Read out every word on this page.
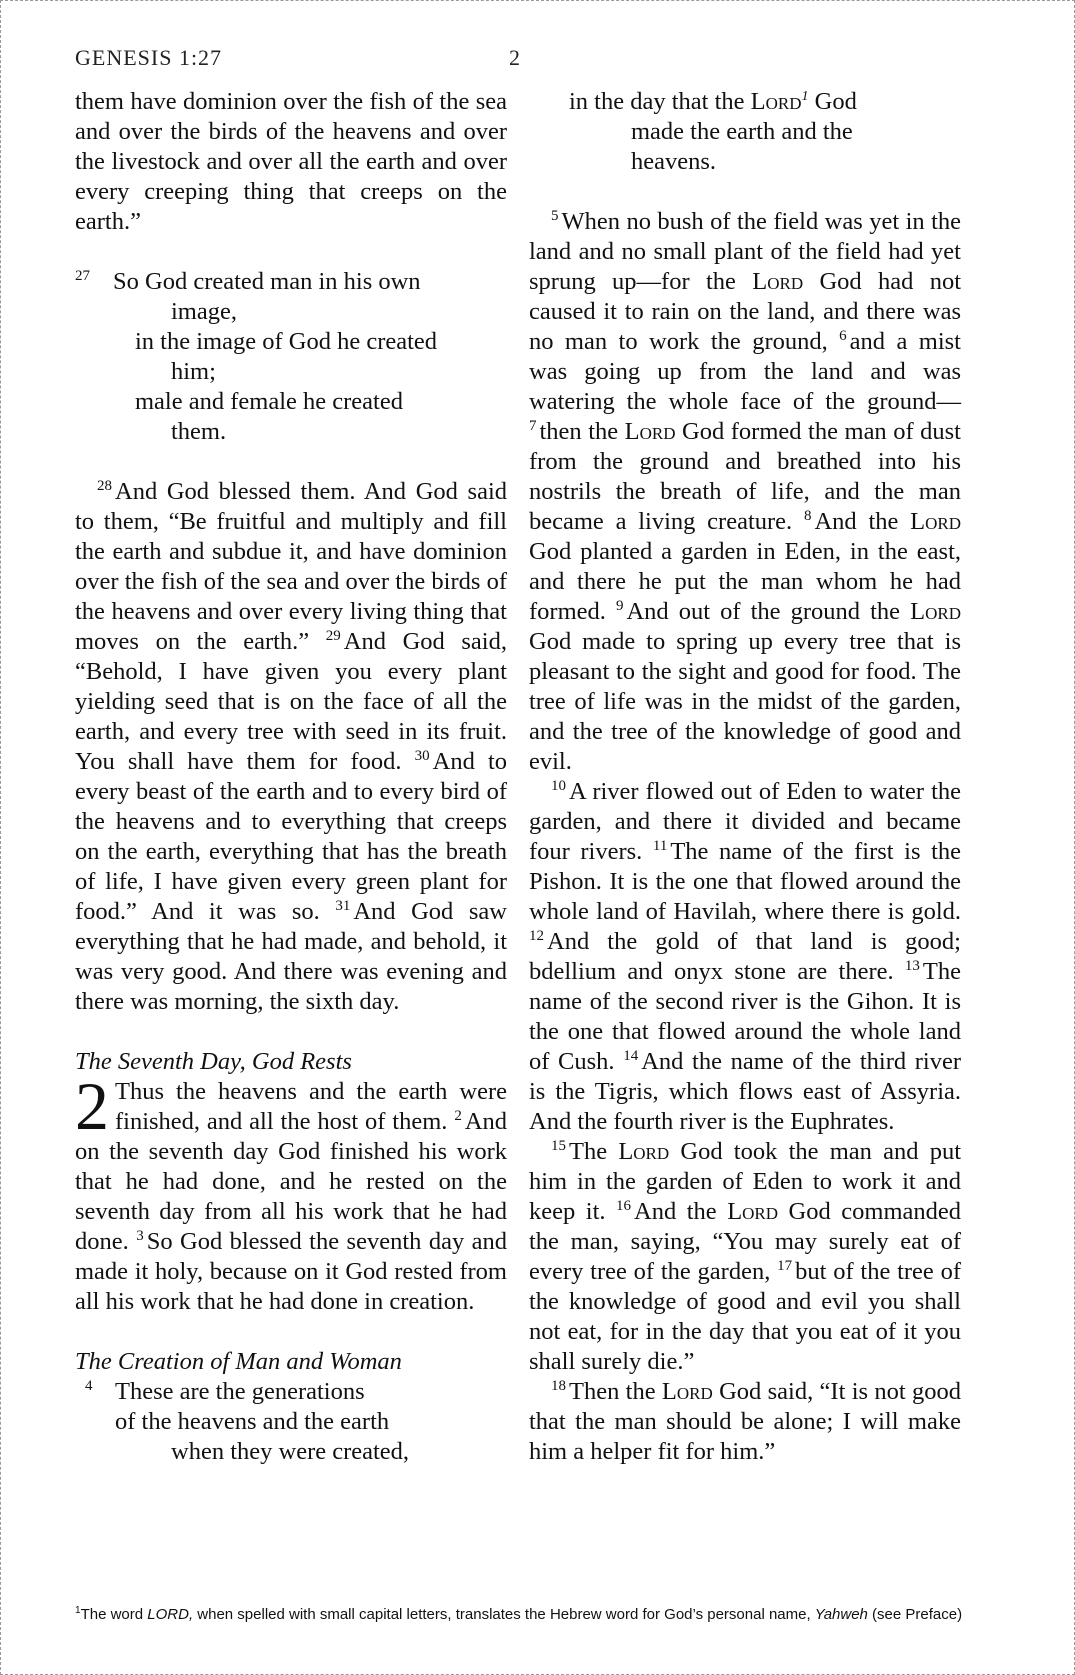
GENESIS 1:27	2

them have dominion over the fish of the sea and over the birds of the heavens and over the livestock and over all the earth and over every creeping thing that creeps on the earth.”

27 So God created man in his own
image,
in the image of God he created
him;
male and female he created
them.

$^{28}$ And God blessed them. And God said to them, “Be fruitful and multiply and fill the earth and subdue it, and have dominion over the fish of the sea and over the birds of the heavens and over every living thing that moves on the earth.” $^{29}$ And God said, “Behold, I have given you every plant yielding seed that is on the face of all the earth, and every tree with seed in its fruit. You shall have them for food. $^{30}$ And to every beast of the earth and to every bird of the heavens and to everything that creeps on the earth, everything that has the breath of life, I have given every green plant for food.” And it was so. $^{31}$ And God saw everything that he had made, and behold, it was very good. And there was evening and there was morning, the sixth day.

The Seventh Day, God Rests

2 Thus the heavens and the earth were finished, and all the host of them. $^2$ And on the seventh day God finished his work that he had done, and he rested on the seventh day from all his work that he had done. $^3$ So God blessed the seventh day and made it holy, because on it God rested from all his work that he had done in creation.

The Creation of Man and Woman

4 These are the generations
of the heavens and the earth
when they were created,
in the day that the Lord$^1$ God
made the earth and the
heavens.

$^5$ When no bush of the field was yet in the land and no small plant of the field had yet sprung up—for the Lord God had not caused it to rain on the land, and there was no man to work the ground, $^6$ and a mist was going up from the land and was watering the whole face of the ground—$^7$ then the Lord God formed the man of dust from the ground and breathed into his nostrils the breath of life, and the man became a living creature. $^8$ And the Lord God planted a garden in Eden, in the east, and there he put the man whom he had formed. $^9$ And out of the ground the Lord God made to spring up every tree that is pleasant to the sight and good for food. The tree of life was in the midst of the garden, and the tree of the knowledge of good and evil.

$^{10}$ A river flowed out of Eden to water the garden, and there it divided and became four rivers. $^{11}$ The name of the first is the Pishon. It is the one that flowed around the whole land of Havilah, where there is gold. $^{12}$ And the gold of that land is good; bdellium and onyx stone are there. $^{13}$ The name of the second river is the Gihon. It is the one that flowed around the whole land of Cush. $^{14}$ And the name of the third river is the Tigris, which flows east of Assyria. And the fourth river is the Euphrates.

$^{15}$ The Lord God took the man and put him in the garden of Eden to work it and keep it. $^{16}$ And the Lord God commanded the man, saying, “You may surely eat of every tree of the garden, $^{17}$ but of the tree of the knowledge of good and evil you shall not eat, for in the day that you eat of it you shall surely die.”

$^{18}$ Then the Lord God said, “It is not good that the man should be alone; I will make him a helper fit for him.”

$^1$The word LORD, when spelled with small capital letters, translates the Hebrew word for God’s personal name, Yahweh (see Preface)
